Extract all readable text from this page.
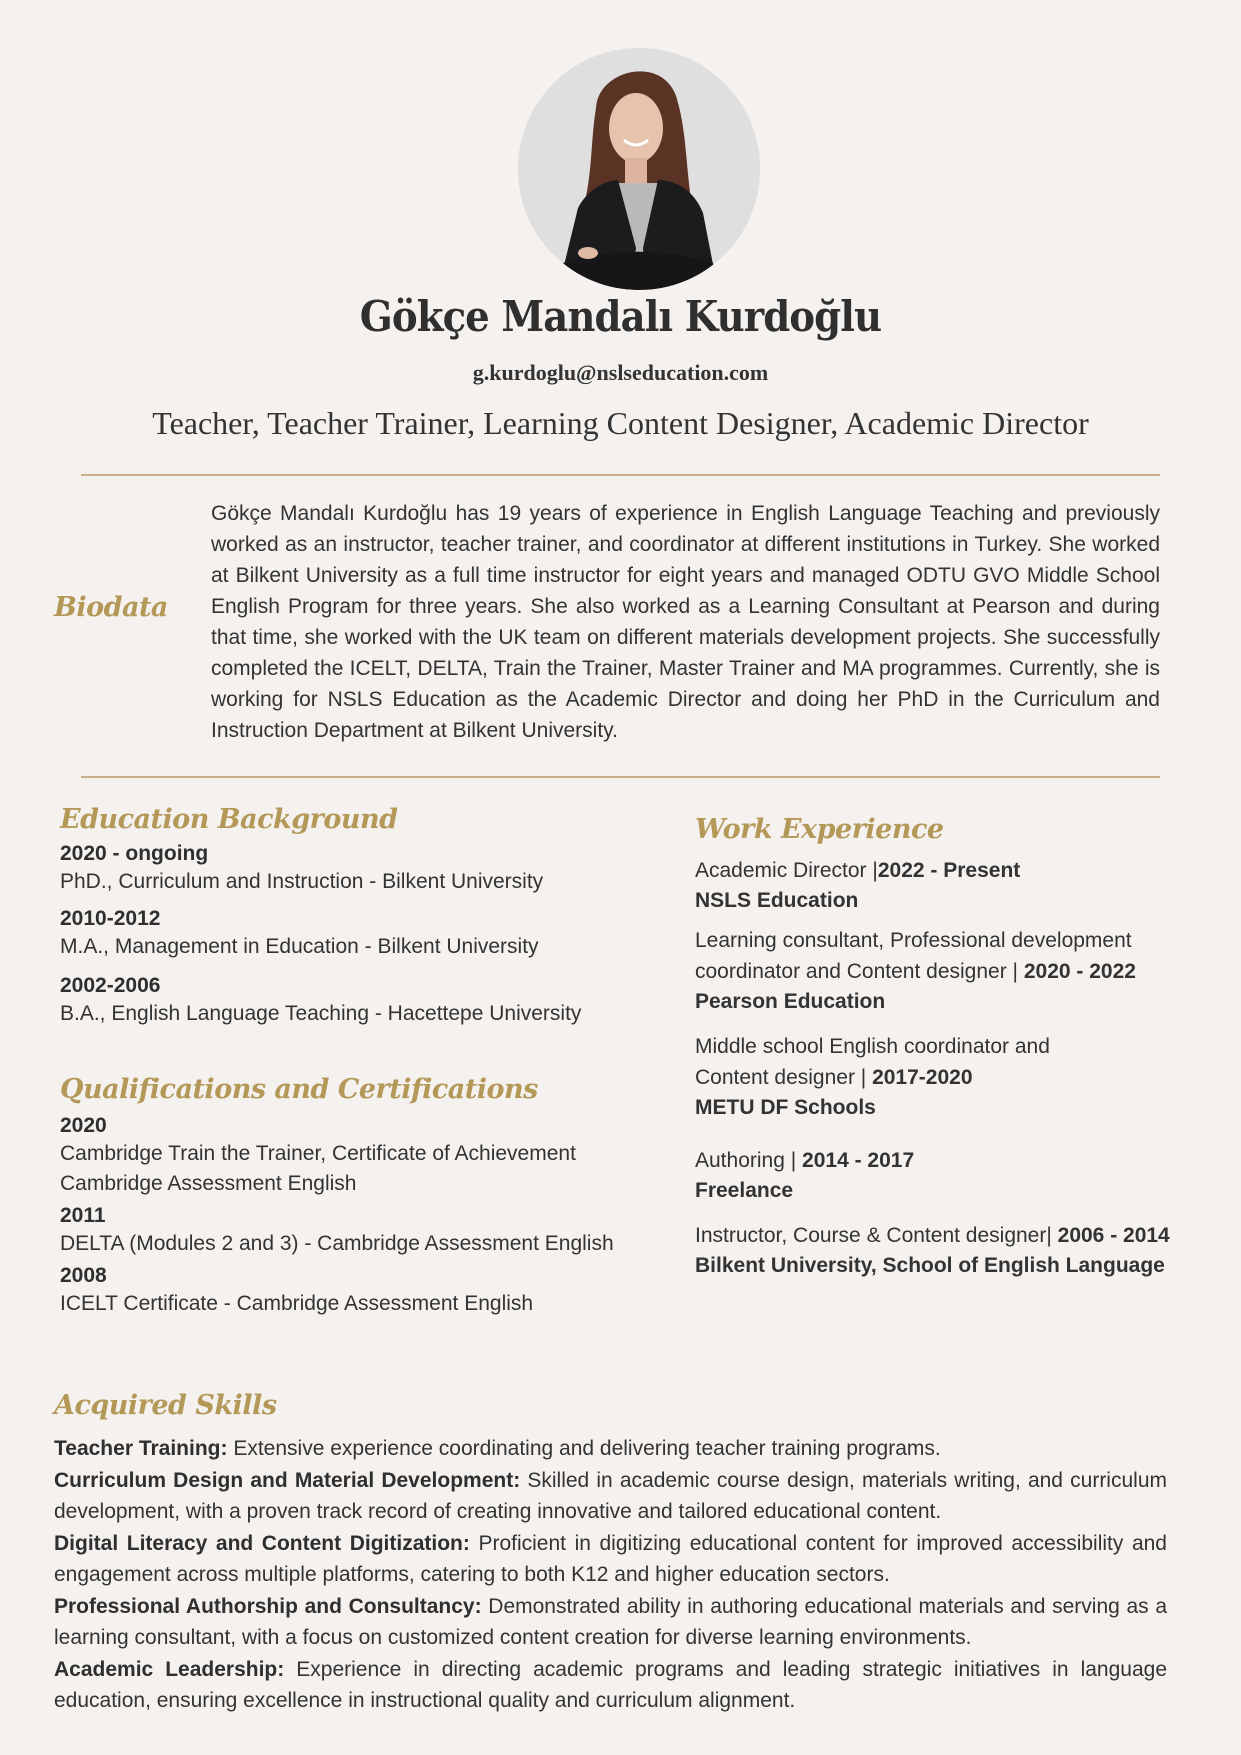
Gökçe Mandalı Kurdoğlu
g.kurdoglu@nslseducation.com
Teacher, Teacher Trainer, Learning Content Designer, Academic Director
Biodata
Gökçe Mandalı Kurdoğlu has 19 years of experience in English Language Teaching and previously worked as an instructor, teacher trainer, and coordinator at different institutions in Turkey. She worked at Bilkent University as a full time instructor for eight years and managed ODTU GVO Middle School English Program for three years. She also worked as a Learning Consultant at Pearson and during that time, she worked with the UK team on different materials development projects. She successfully completed the ICELT, DELTA, Train the Trainer, Master Trainer and MA programmes. Currently, she is working for NSLS Education as the Academic Director and doing her PhD in the Curriculum and Instruction Department at Bilkent University.
Education Background
2020 - ongoing
PhD., Curriculum and Instruction - Bilkent University
2010-2012
M.A., Management in Education - Bilkent University
2002-2006
B.A., English Language Teaching - Hacettepe University
Qualifications and Certifications
2020
Cambridge Train the Trainer, Certificate of Achievement
Cambridge Assessment English
2011
DELTA (Modules 2 and 3) - Cambridge Assessment English
2008
ICELT Certificate - Cambridge Assessment English
Work Experience
Academic Director |2022 - Present
NSLS Education
Learning consultant, Professional development
coordinator and Content designer | 2020 - 2022
Pearson Education
Middle school English coordinator and
Content designer | 2017-2020
METU DF Schools
Authoring | 2014 - 2017
Freelance
Instructor, Course & Content designer| 2006 - 2014
Bilkent University, School of English Language
Acquired Skills

Teacher Training: Extensive experience coordinating and delivering teacher training programs.

Curriculum Design and Material Development: Skilled in academic course design, materials writing, and curriculum development, with a proven track record of creating innovative and tailored educational content.

Digital Literacy and Content Digitization: Proficient in digitizing educational content for improved accessibility and engagement across multiple platforms, catering to both K12 and higher education sectors.

Professional Authorship and Consultancy: Demonstrated ability in authoring educational materials and serving as a learning consultant, with a focus on customized content creation for diverse learning environments.

Academic Leadership: Experience in directing academic programs and leading strategic initiatives in language education, ensuring excellence in instructional quality and curriculum alignment.
